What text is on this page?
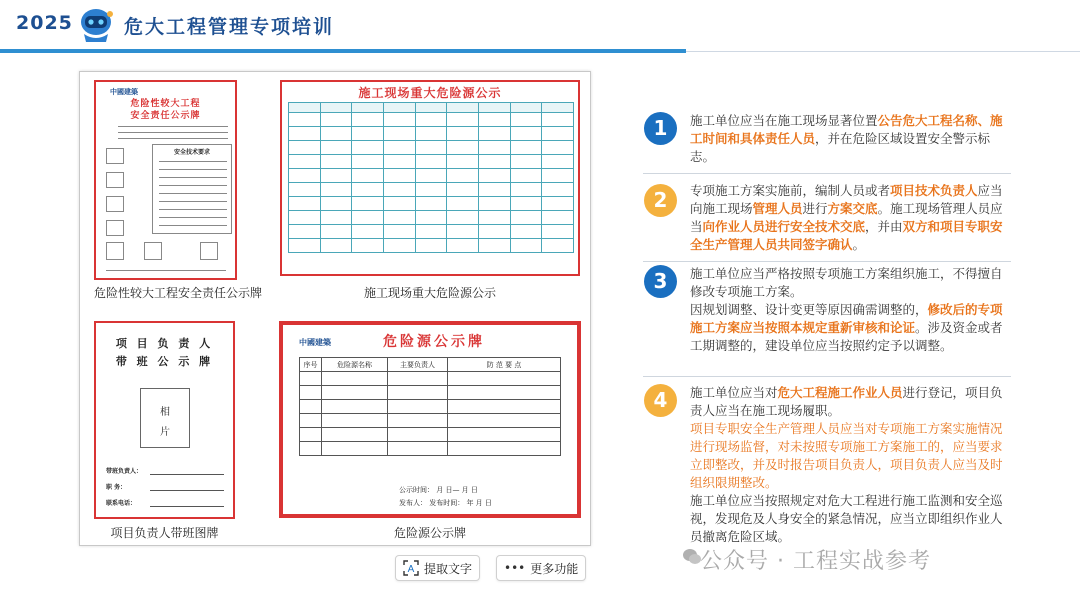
2025	危大工程管理专项培训
中國建築
危险性较大工程
安全责任公示牌
安全技术要求
危险性较大工程安全责任公示牌
施工现场重大危险源公示

施工现场重大危险源公示
项 目 负 责 人
带 班 公 示 牌
相
片
带班负责人：
职 务：
联系电话：
项目负责人带班图牌
中國建築	危险源公示牌
序号	危险源名称	主要负责人	防 范 要 点

公示时间： 月 日— 月 日
发布人： 发布时间： 年 月 日
危险源公示牌
A 提取文字	••• 更多功能
1	施工单位应当在施工现场显著位置公告危大工程名称、施工时间和具体责任人员，并在危险区域设置安全警示标志。
2	专项施工方案实施前，编制人员或者项目技术负责人应当向施工现场管理人员进行方案交底。施工现场管理人员应当向作业人员进行安全技术交底，并由双方和项目专职安全生产管理人员共同签字确认。
3	施工单位应当严格按照专项施工方案组织施工，不得擅自修改专项施工方案。
因规划调整、设计变更等原因确需调整的，修改后的专项施工方案应当按照本规定重新审核和论证。涉及资金或者工期调整的，建设单位应当按照约定予以调整。
4	施工单位应当对危大工程施工作业人员进行登记，项目负责人应当在施工现场履职。
项目专职安全生产管理人员应当对专项施工方案实施情况进行现场监督，对未按照专项施工方案施工的，应当要求立即整改，并及时报告项目负责人，项目负责人应当及时组织限期整改。
施工单位应当按照规定对危大工程进行施工监测和安全巡视，发现危及人身安全的紧急情况，应当立即组织作业人员撤离危险区域。
公众号 · 工程实战参考
